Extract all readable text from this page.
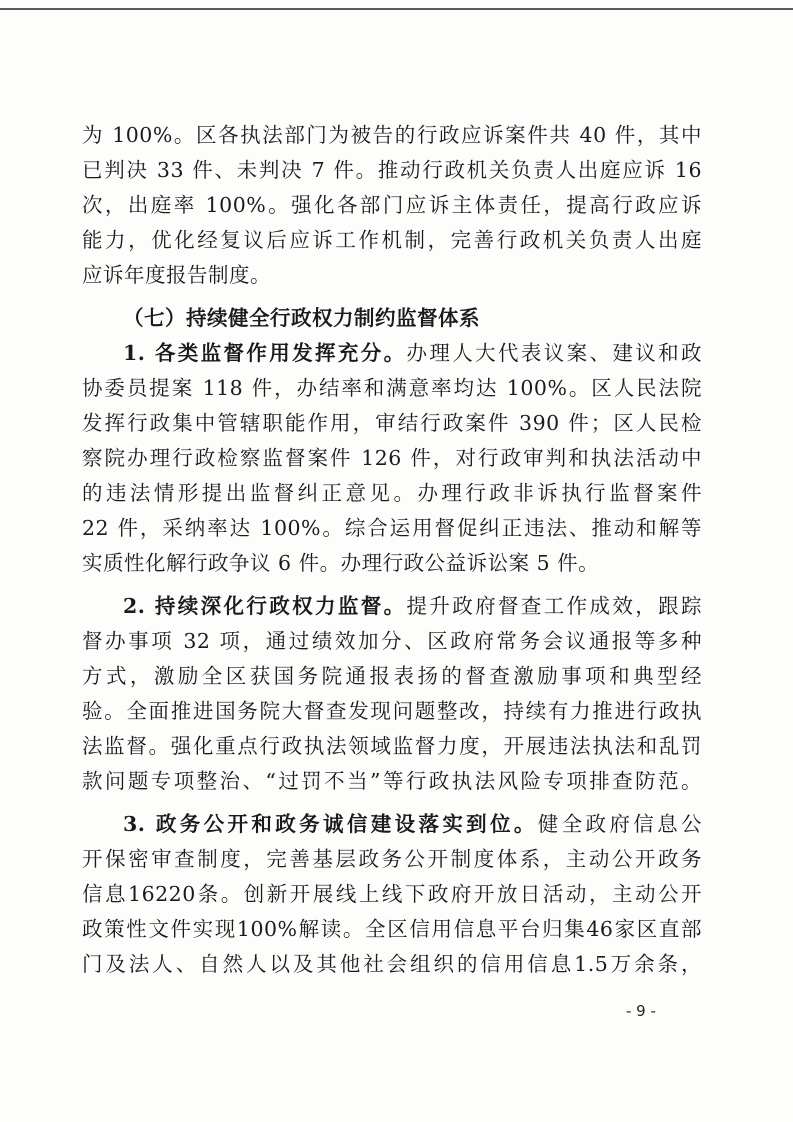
为 100%。区各执法部门为被告的行政应诉案件共 40 件，其中
已判决 33 件、未判决 7 件。推动行政机关负责人出庭应诉 16
次，出庭率 100%。强化各部门应诉主体责任，提高行政应诉
能力，优化经复议后应诉工作机制，完善行政机关负责人出庭
应诉年度报告制度。
（七）持续健全行政权力制约监督体系
1. 各类监督作用发挥充分。办理人大代表议案、建议和政
协委员提案 118 件，办结率和满意率均达 100%。区人民法院
发挥行政集中管辖职能作用，审结行政案件 390 件；区人民检
察院办理行政检察监督案件 126 件，对行政审判和执法活动中
的违法情形提出监督纠正意见。办理行政非诉执行监督案件
22 件，采纳率达 100%。综合运用督促纠正违法、推动和解等
实质性化解行政争议 6 件。办理行政公益诉讼案 5 件。
2. 持续深化行政权力监督。提升政府督查工作成效，跟踪
督办事项 32 项，通过绩效加分、区政府常务会议通报等多种
方式，激励全区获国务院通报表扬的督查激励事项和典型经
验。全面推进国务院大督查发现问题整改，持续有力推进行政执
法监督。强化重点行政执法领域监督力度，开展违法执法和乱罚
款问题专项整治、“过罚不当”等行政执法风险专项排查防范。
3. 政务公开和政务诚信建设落实到位。健全政府信息公
开保密审查制度，完善基层政务公开制度体系，主动公开政务
信息16220条。创新开展线上线下政府开放日活动，主动公开
政策性文件实现100%解读。全区信用信息平台归集46家区直部
门及法人、自然人以及其他社会组织的信用信息1.5万余条，
- 9 -
